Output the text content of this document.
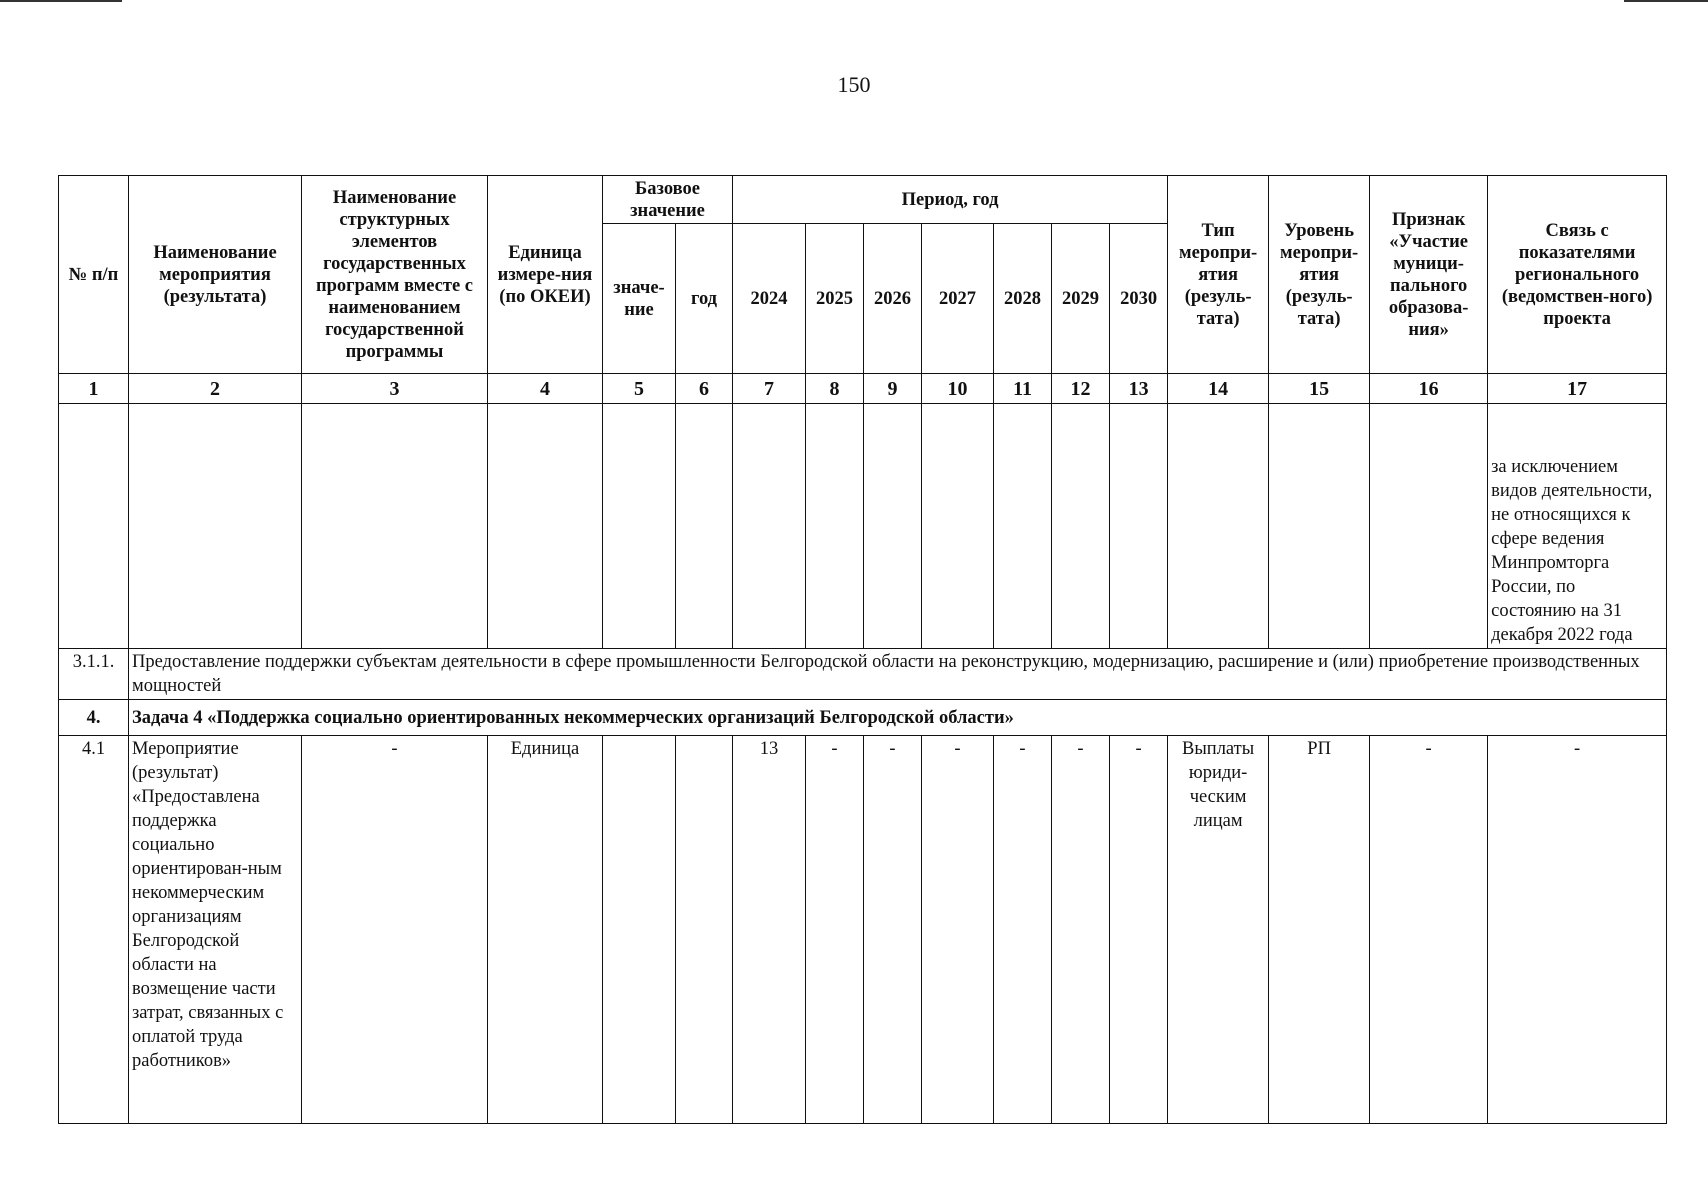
150
№ п/п	Наименование мероприятия (результата)	Наименование структурных элементов государственных программ вместе с наименованием государственной программы	Единица измере-ния (по ОКЕИ)	Базовое значение		Период, год							Тип меропри-ятия (резуль-тата)	Уровень меропри-ятия (резуль-тата)	Признак «Участие муници-пального образова-ния»	Связь с показателями регионального (ведомствен-ного) проекта
				значе-ние	год	2024	2025	2026	2027	2028	2029	2030				
1	2	3	4	5	6	7	8	9	10	11	12	13	14	15	16	17
																за исключением видов деятельности, не относящихся к сфере ведения Минпромторга России, по состоянию на 31 декабря 2022 года
3.1.1.	Предоставление поддержки субъектам деятельности в сфере промышленности Белгородской области на реконструкцию, модернизацию, расширение и (или) приобретение производственных мощностей															
4.	Задача 4 «Поддержка социально ориентированных некоммерческих организаций Белгородской области»															
4.1	Мероприятие (результат) «Предоставлена поддержка социально ориентирован-ным некоммерческим организациям Белгородской области на возмещение части затрат, связанных с оплатой труда работников»	-	Единица			13	-	-	-	-	-	-	Выплаты юриди-ческим лицам	РП	-	-
